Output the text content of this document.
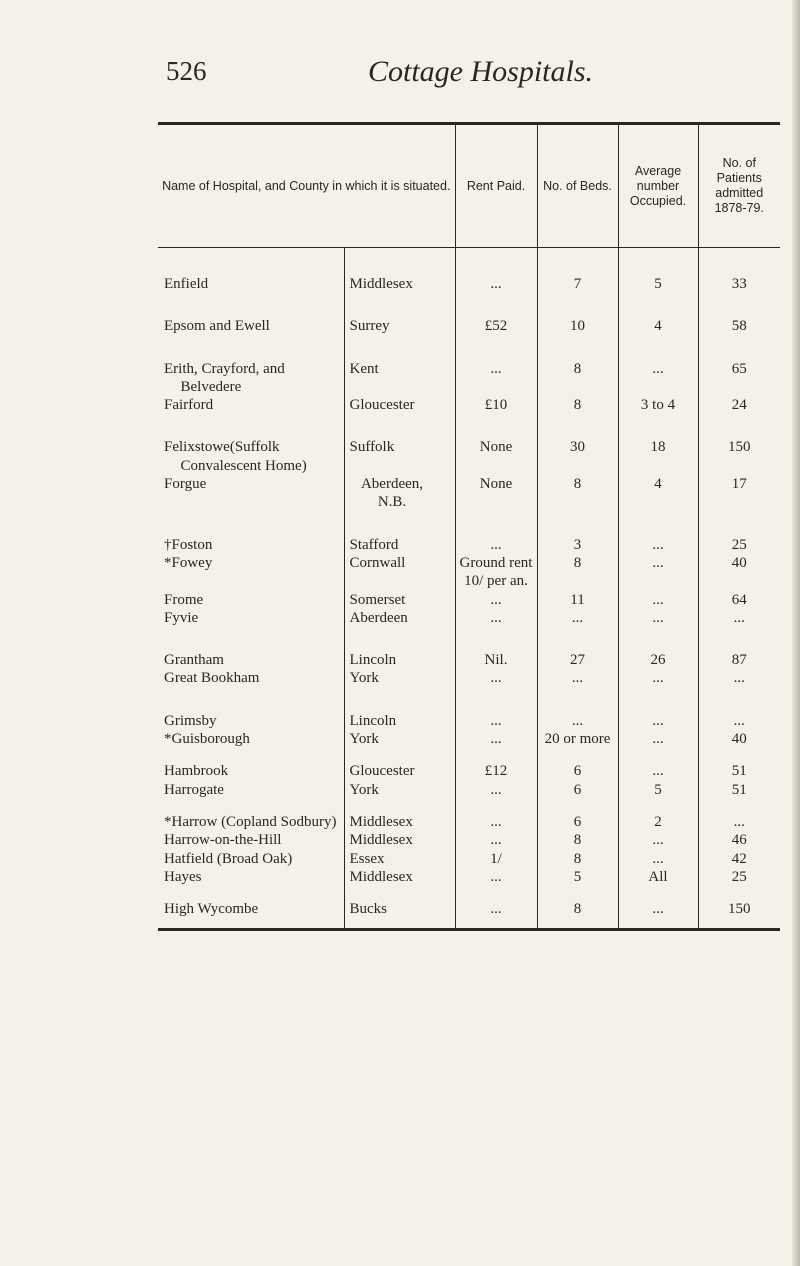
526	Cottage Hospitals.
Name of Hospital, and County in which it is situated.		Rent Paid.	No. of Beds.	Average number Occupied.	No. of Patients admitted 1878-79.
Enfield	Middlesex	...	7	5	33
Epsom and Ewell	Surrey	£52	10	4	58
Erith, Crayford, and Belvedere	Kent	...	8	...	65
Fairford	Gloucester	£10	8	3 to 4	24
Felixstowe(Suffolk Convalescent Home)	Suffolk	None	30	18	150
Forgue	Aberdeen, N.B.	None	8	4	17
†Foston	Stafford	...	3	...	25
*Fowey	Cornwall	Ground rent 10/ per an.	8	...	40
Frome	Somerset	...	11	...	64
Fyvie	Aberdeen	...	...	...	...
Grantham	Lincoln	Nil.	27	26	87
Great Bookham	York	...	...	...	...
Grimsby	Lincoln	...	...	...	...
*Guisborough	York	...	20 or more	...	40
Hambrook	Gloucester	£12	6	...	51
Harrogate	York	...	6	5	51
*Harrow (Copland Sodbury)	Middlesex	...	6	2	...
Harrow-on-the-Hill	Middlesex	...	8	...	46
Hatfield (Broad Oak)	Essex	1/	8	...	42
Hayes	Middlesex	...	5	All	25
High Wycombe	Bucks	...	8	...	150
